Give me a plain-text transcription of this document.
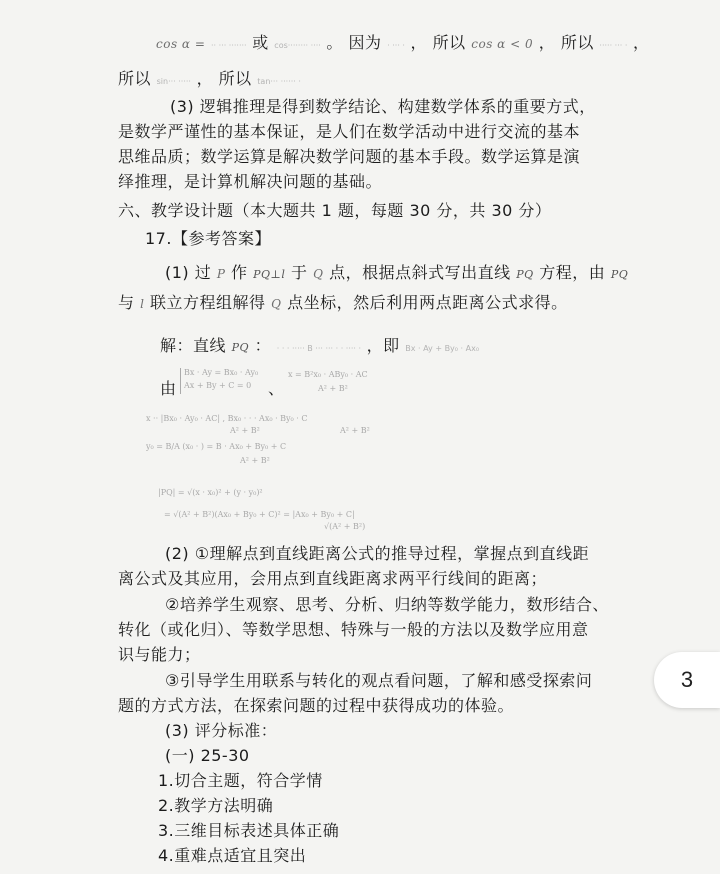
cos α = ·· ··· ······· 或 cos········ ···· 。 因为 · ··· · ， 所以 cos α < 0 ， 所以 ····· ··· · ，
所以 sin··· ····· ， 所以 tan··· ······ ·
(3) 逻辑推理是得到数学结论、构建数学体系的重要方式，
是数学严谨性的基本保证，是人们在数学活动中进行交流的基本
思维品质；数学运算是解决数学问题的基本手段。数学运算是演
绎推理，是计算机解决问题的基础。
六、教学设计题（本大题共 1 题，每题 30 分，共 30 分）
17.【参考答案】
(1) 过 P 作 PQ⊥l 于 Q 点，根据点斜式写出直线 PQ 方程，由 PQ
与 l 联立方程组解得 Q 点坐标，然后利用两点距离公式求得。
解：直线 PQ ： · · · ····· B ··· ··· · · ···· · ，即 Bx · Ay + By₀ · Ax₀
由
Bx · Ay = Bx₀ · Ay₀
Ax + By + C = 0 、
x = B²x₀ · ABy₀ · AC
A² + B²
x ·· |Bx₀ · Ay₀ · AC| , Bx₀ · · · Ax₀ · By₀ · C
A² + B²	A² + B²
y₀ = B/A (x₀ · ) = B · Ax₀ + By₀ + C
A² + B²
|PQ| = √(x · x₀)² + (y · y₀)²
= √(A² + B²)(Ax₀ + By₀ + C)² = |Ax₀ + By₀ + C|
√(A² + B²)
(2) ①理解点到直线距离公式的推导过程，掌握点到直线距
离公式及其应用，会用点到直线距离求两平行线间的距离；
②培养学生观察、思考、分析、归纳等数学能力，数形结合、
转化（或化归）、等数学思想、特殊与一般的方法以及数学应用意
识与能力；
③引导学生用联系与转化的观点看问题，了解和感受探索问
题的方式方法，在探索问题的过程中获得成功的体验。
(3) 评分标准：
(一) 25-30
1.切合主题，符合学情
2.教学方法明确
3.三维目标表述具体正确
4.重难点适宜且突出
3
